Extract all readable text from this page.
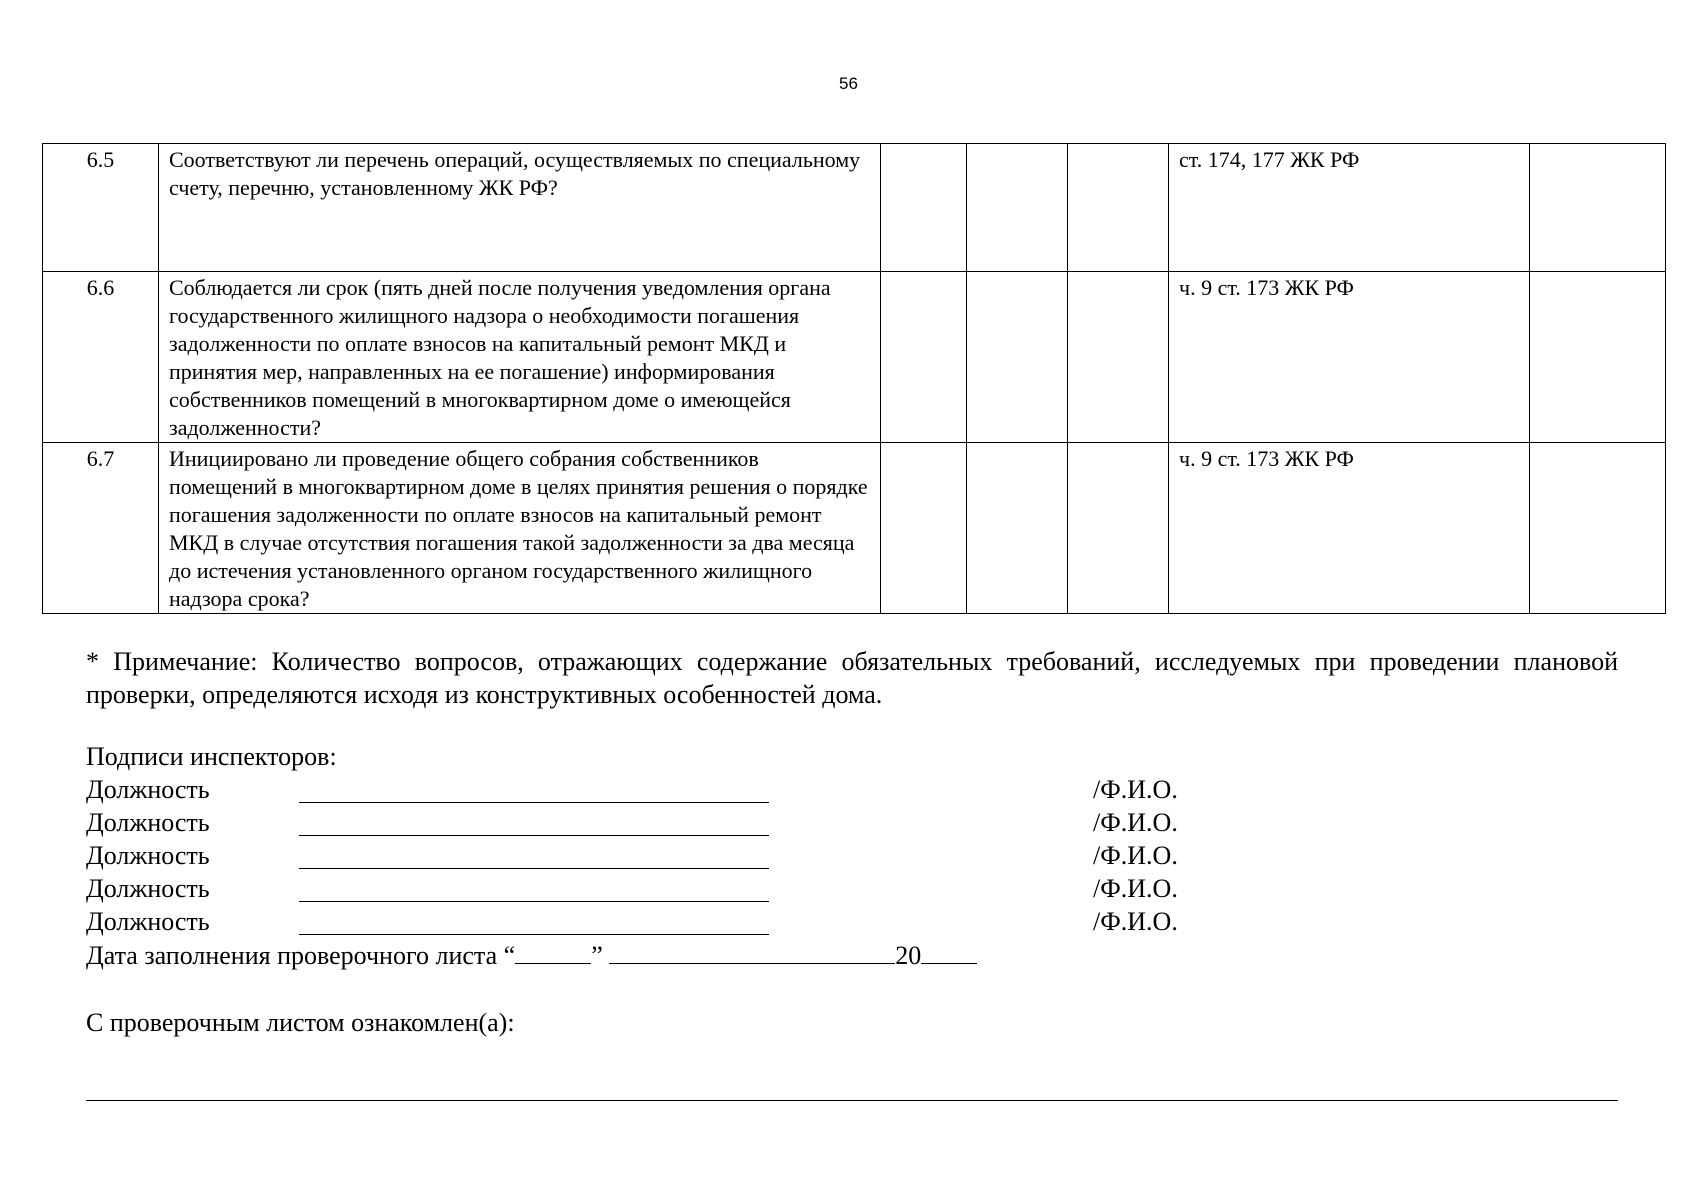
56
6.5	Соответствуют ли перечень операций, осуществляемых по специальному счету, перечню, установленному ЖК РФ?				ст. 174, 177 ЖК РФ	
6.6	Соблюдается ли срок (пять дней после получения уведомления органа государственного жилищного надзора о необходимости погашения задолженности по оплате взносов на капитальный ремонт МКД и принятия мер, направленных на ее погашение) информирования собственников помещений в многоквартирном доме о имеющейся задолженности?				ч. 9 ст. 173 ЖК РФ	
6.7	Инициировано ли проведение общего собрания собственников помещений в многоквартирном доме в целях принятия решения о порядке погашения задолженности по оплате взносов на капитальный ремонт МКД в случае отсутствия погашения такой задолженности за два месяца до истечения установленного органом государственного жилищного надзора срока?				ч. 9 ст. 173 ЖК РФ	
* Примечание: Количество вопросов, отражающих содержание обязательных требований, исследуемых при проведении плановой проверки, определяются исходя из конструктивных особенностей дома.
Подписи инспекторов:
Должность	/Ф.И.О.
Должность	/Ф.И.О.
Должность	/Ф.И.О.
Должность	/Ф.И.О.
Должность	/Ф.И.О.
Дата заполнения проверочного листа “	”	20
С проверочным листом ознакомлен(а):
